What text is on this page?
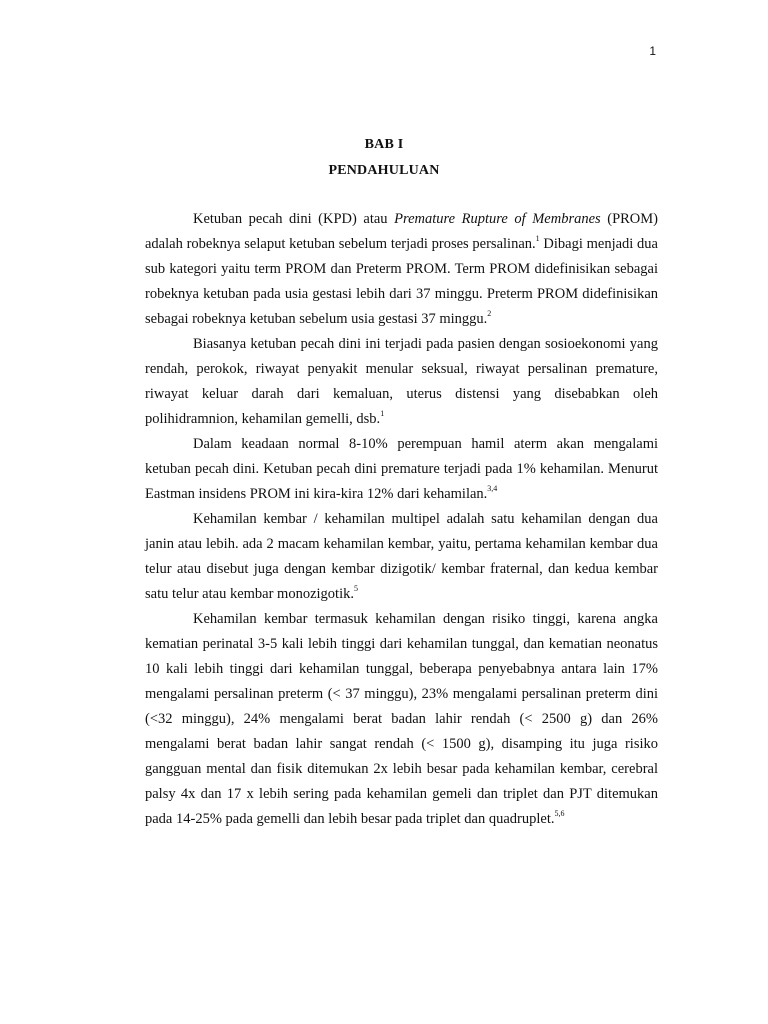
1
BAB I
PENDAHULUAN

Ketuban pecah dini (KPD) atau Premature Rupture of Membranes (PROM) adalah robeknya selaput ketuban sebelum terjadi proses persalinan.$^1$ Dibagi menjadi dua sub kategori yaitu term PROM dan Preterm PROM. Term PROM didefinisikan sebagai robeknya ketuban pada usia gestasi lebih dari 37 minggu. Preterm PROM didefinisikan sebagai robeknya ketuban sebelum usia gestasi 37 minggu.$^2$

Biasanya ketuban pecah dini ini terjadi pada pasien dengan sosioekonomi yang rendah, perokok, riwayat penyakit menular seksual, riwayat persalinan premature, riwayat keluar darah dari kemaluan, uterus distensi yang disebabkan oleh polihidramnion, kehamilan gemelli, dsb.$^1$

Dalam keadaan normal 8-10% perempuan hamil aterm akan mengalami ketuban pecah dini. Ketuban pecah dini premature terjadi pada 1% kehamilan. Menurut Eastman insidens PROM ini kira-kira 12% dari kehamilan.$^{3,4}$

Kehamilan kembar / kehamilan multipel adalah satu kehamilan dengan dua janin atau lebih. ada 2 macam kehamilan kembar, yaitu, pertama kehamilan kembar dua telur atau disebut juga dengan kembar dizigotik/ kembar fraternal, dan kedua kembar satu telur atau kembar monozigotik.$^5$

Kehamilan kembar termasuk kehamilan dengan risiko tinggi, karena angka kematian perinatal 3-5 kali lebih tinggi dari kehamilan tunggal, dan kematian neonatus 10 kali lebih tinggi dari kehamilan tunggal, beberapa penyebabnya antara lain 17% mengalami persalinan preterm (< 37 minggu), 23% mengalami persalinan preterm dini (<32 minggu), 24% mengalami berat badan lahir rendah (< 2500 g) dan 26% mengalami berat badan lahir sangat rendah (< 1500 g), disamping itu juga risiko gangguan mental dan fisik ditemukan 2x lebih besar pada kehamilan kembar, cerebral palsy 4x dan 17 x lebih sering pada kehamilan gemeli dan triplet dan PJT ditemukan pada 14-25% pada gemelli dan lebih besar pada triplet dan quadruplet.$^{5,6}$
